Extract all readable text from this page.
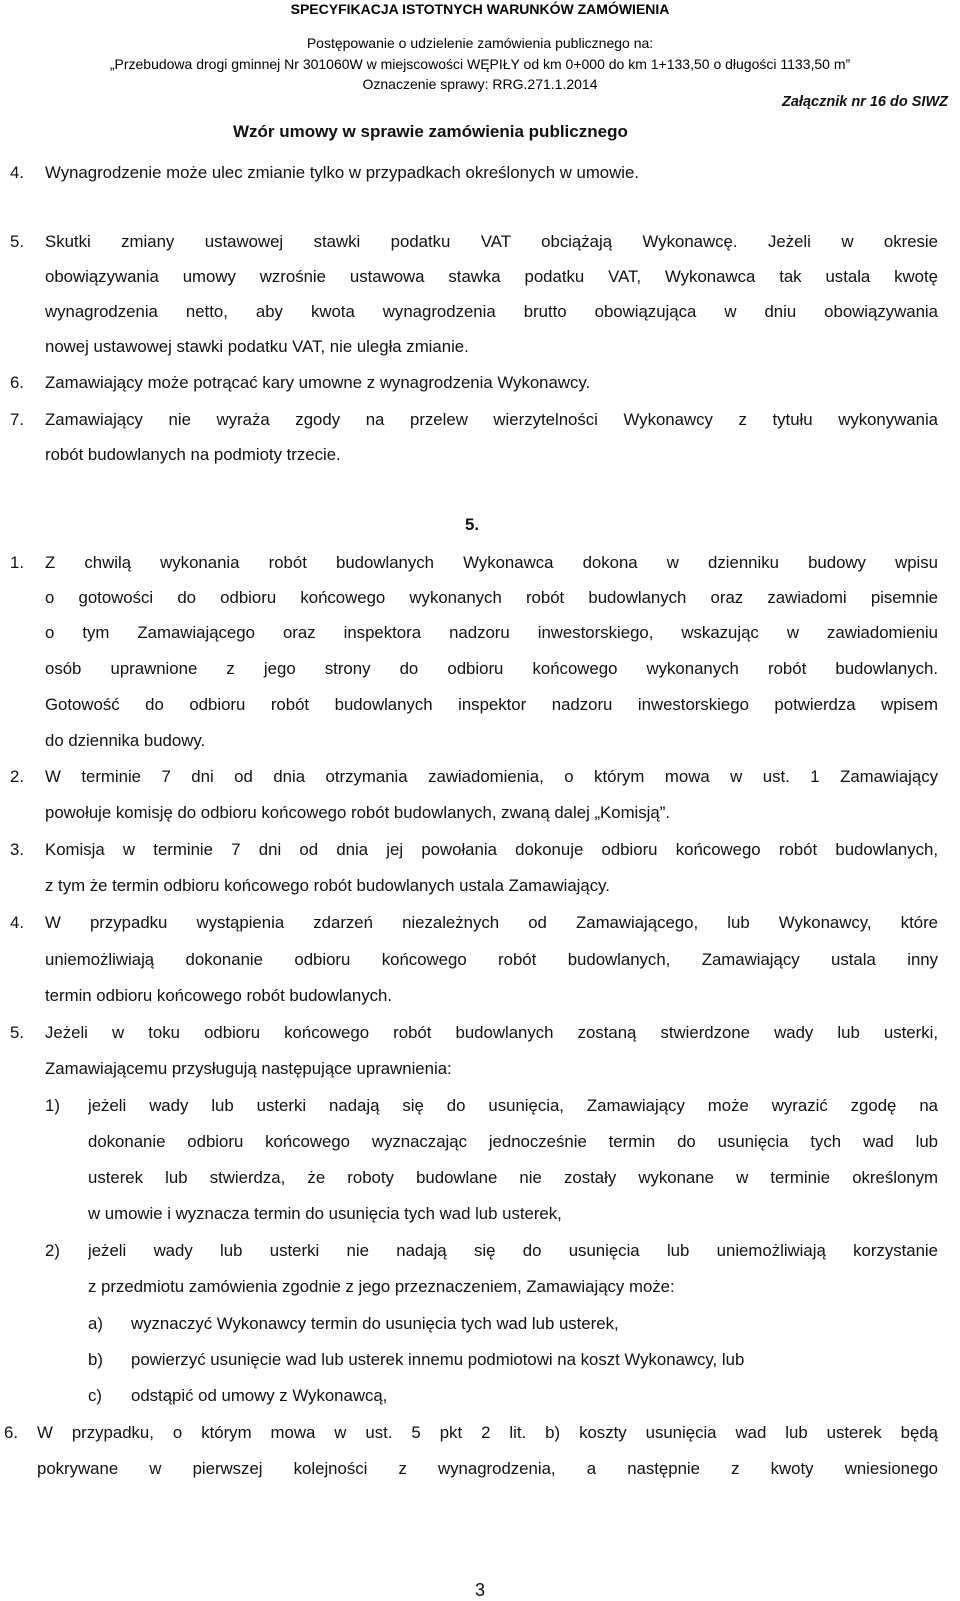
SPECYFIKACJA ISTOTNYCH WARUNKÓW ZAMÓWIENIA
Postępowanie o udzielenie zamówienia publicznego na:
„Przebudowa drogi gminnej Nr 301060W w miejscowości WĘPIŁY od km 0+000 do km 1+133,50 o długości 1133,50 m”
Oznaczenie sprawy: RRG.271.1.2014
Załącznik nr 16 do SIWZ
Wzór umowy w sprawie zamówienia publicznego
4. Wynagrodzenie może ulec zmianie tylko w przypadkach określonych w umowie.
5. Skutki zmiany ustawowej stawki podatku VAT obciążają Wykonawcę. Jeżeli w okresie
obowiązywania umowy wzrośnie ustawowa stawka podatku VAT, Wykonawca tak ustala kwotę
wynagrodzenia netto, aby kwota wynagrodzenia brutto obowiązująca w dniu obowiązywania
nowej ustawowej stawki podatku VAT, nie uległa zmianie.
6. Zamawiający może potrącać kary umowne z wynagrodzenia Wykonawcy.
7. Zamawiający nie wyraża zgody na przelew wierzytelności Wykonawcy z tytułu wykonywania
robót budowlanych na podmioty trzecie.
5.
1. Z chwilą wykonania robót budowlanych Wykonawca dokona w dzienniku budowy wpisu
o gotowości do odbioru końcowego wykonanych robót budowlanych oraz zawiadomi pisemnie
o tym Zamawiającego oraz inspektora nadzoru inwestorskiego, wskazując w zawiadomieniu
osób uprawnione z jego strony do odbioru końcowego wykonanych robót budowlanych.
Gotowość do odbioru robót budowlanych inspektor nadzoru inwestorskiego potwierdza wpisem
do dziennika budowy.
2. W terminie 7 dni od dnia otrzymania zawiadomienia, o którym mowa w ust. 1 Zamawiający
powołuje komisję do odbioru końcowego robót budowlanych, zwaną dalej „Komisją”.
3. Komisja w terminie 7 dni od dnia jej powołania dokonuje odbioru końcowego robót budowlanych,
z tym że termin odbioru końcowego robót budowlanych ustala Zamawiający.
4. W przypadku wystąpienia zdarzeń niezależnych od Zamawiającego, lub Wykonawcy, które
uniemożliwiają dokonanie odbioru końcowego robót budowlanych, Zamawiający ustala inny
termin odbioru końcowego robót budowlanych.
5. Jeżeli w toku odbioru końcowego robót budowlanych zostaną stwierdzone wady lub usterki,
Zamawiającemu przysługują następujące uprawnienia:
1) jeżeli wady lub usterki nadają się do usunięcia, Zamawiający może wyrazić zgodę na
dokonanie odbioru końcowego wyznaczając jednocześnie termin do usunięcia tych wad lub
usterek lub stwierdza, że roboty budowlane nie zostały wykonane w terminie określonym
w umowie i wyznacza termin do usunięcia tych wad lub usterek,
2) jeżeli wady lub usterki nie nadają się do usunięcia lub uniemożliwiają korzystanie
z przedmiotu zamówienia zgodnie z jego przeznaczeniem, Zamawiający może:
a) wyznaczyć Wykonawcy termin do usunięcia tych wad lub usterek,
b) powierzyć usunięcie wad lub usterek innemu podmiotowi na koszt Wykonawcy, lub
c) odstąpić od umowy z Wykonawcą,
6. W przypadku, o którym mowa w ust. 5 pkt 2 lit. b) koszty usunięcia wad lub usterek będą
pokrywane w pierwszej kolejności z wynagrodzenia, a następnie z kwoty wniesionego
3
